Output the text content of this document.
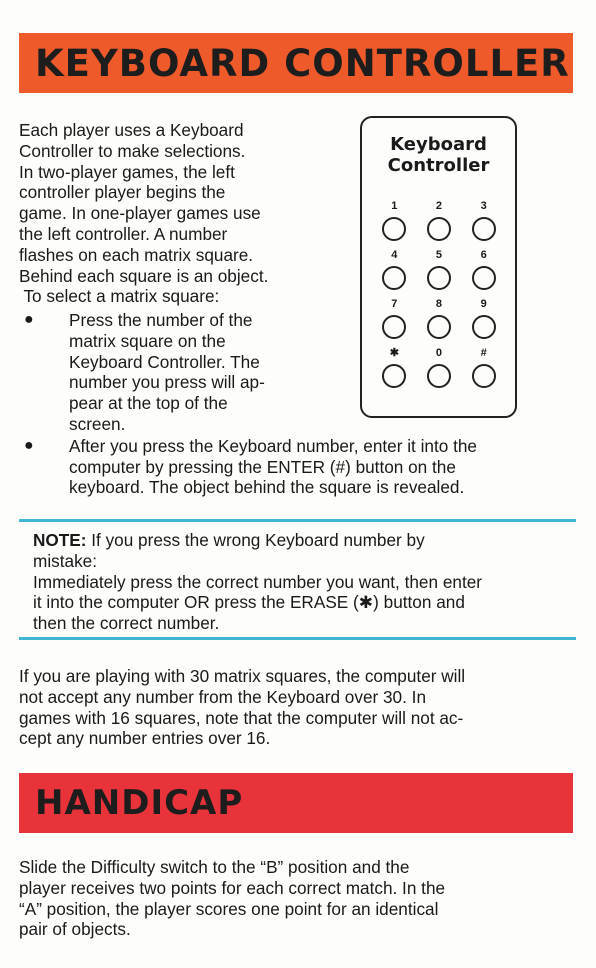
KEYBOARD CONTROLLER
Each player uses a Keyboard
Controller to make selections.
In two-player games, the left
controller player begins the
game. In one-player games use
the left controller. A number
flashes on each matrix square.
Behind each square is an object.
To select a matrix square:
●	Press the number of the
matrix square on the
Keyboard Controller. The
number you press will ap-
pear at the top of the
screen.
●	After you press the Keyboard number, enter it into the
computer by pressing the ENTER (#) button on the
keyboard. The object behind the square is revealed.
Keyboard
Controller
1	2	3
4	5	6
7	8	9
✱	0	#
NOTE: If you press the wrong Keyboard number by
mistake:
Immediately press the correct number you want, then enter
it into the computer OR press the ERASE (✱) button and
then the correct number.
If you are playing with 30 matrix squares, the computer will
not accept any number from the Keyboard over 30. In
games with 16 squares, note that the computer will not ac-
cept any number entries over 16.
HANDICAP
Slide the Difficulty switch to the “B” position and the
player receives two points for each correct match. In the
“A” position, the player scores one point for an identical
pair of objects.
